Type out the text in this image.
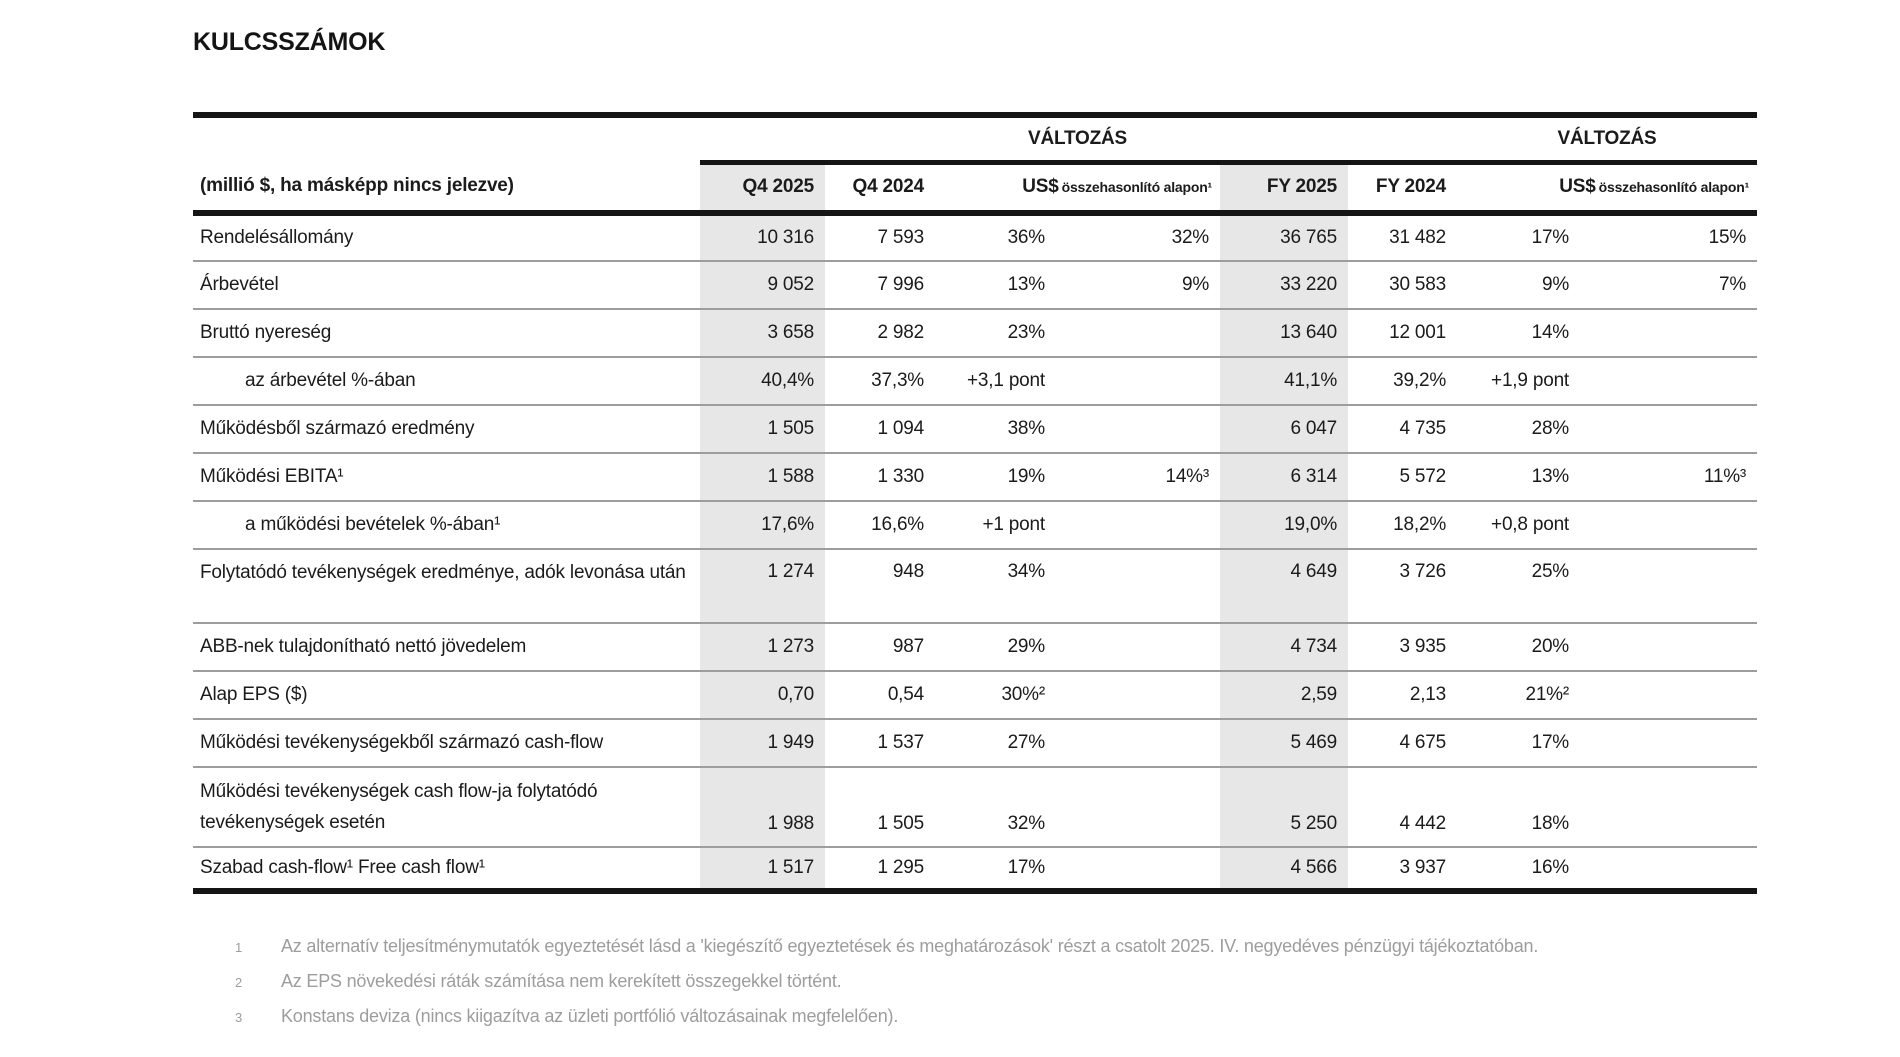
KULCSSZÁMOK
			VÁLTOZÁS				VÁLTOZÁS	
(millió $, ha másképp nincs jelezve)	Q4 2025	Q4 2024	US$ összehasonlító alapon¹		FY 2025	FY 2024	US$ összehasonlító alapon¹	
Rendelésállomány	10 316	7 593	36%	32%	36 765	31 482	17%	15%
Árbevétel	9 052	7 996	13%	9%	33 220	30 583	9%	7%
Bruttó nyereség	3 658	2 982	23%		13 640	12 001	14%	
az árbevétel %-ában	40,4%	37,3%	+3,1 pont		41,1%	39,2%	+1,9 pont	
Működésből származó eredmény	1 505	1 094	38%		6 047	4 735	28%	
Működési EBITA¹	1 588	1 330	19%	14%³	6 314	5 572	13%	11%³
a működési bevételek %-ában¹	17,6%	16,6%	+1 pont		19,0%	18,2%	+0,8 pont	
Folytatódó tevékenységek eredménye, adók levonása után	1 274	948	34%		4 649	3 726	25%	
ABB-nek tulajdonítható nettó jövedelem	1 273	987	29%		4 734	3 935	20%	
Alap EPS ($)	0,70	0,54	30%²		2,59	2,13	21%²	
Működési tevékenységekből származó cash-flow	1 949	1 537	27%		5 469	4 675	17%	
Működési tevékenységek cash flow-ja folytatódó tevékenységek esetén	1 988	1 505	32%		5 250	4 442	18%	
Szabad cash-flow¹ Free cash flow¹	1 517	1 295	17%		4 566	3 937	16%	
1	Az alternatív teljesítménymutatók egyeztetését lásd a 'kiegészítő egyeztetések és meghatározások' részt a csatolt 2025. IV. negyedéves pénzügyi tájékoztatóban.
2	Az EPS növekedési ráták számítása nem kerekített összegekkel történt.
3	Konstans deviza (nincs kiigazítva az üzleti portfólió változásainak megfelelően).
